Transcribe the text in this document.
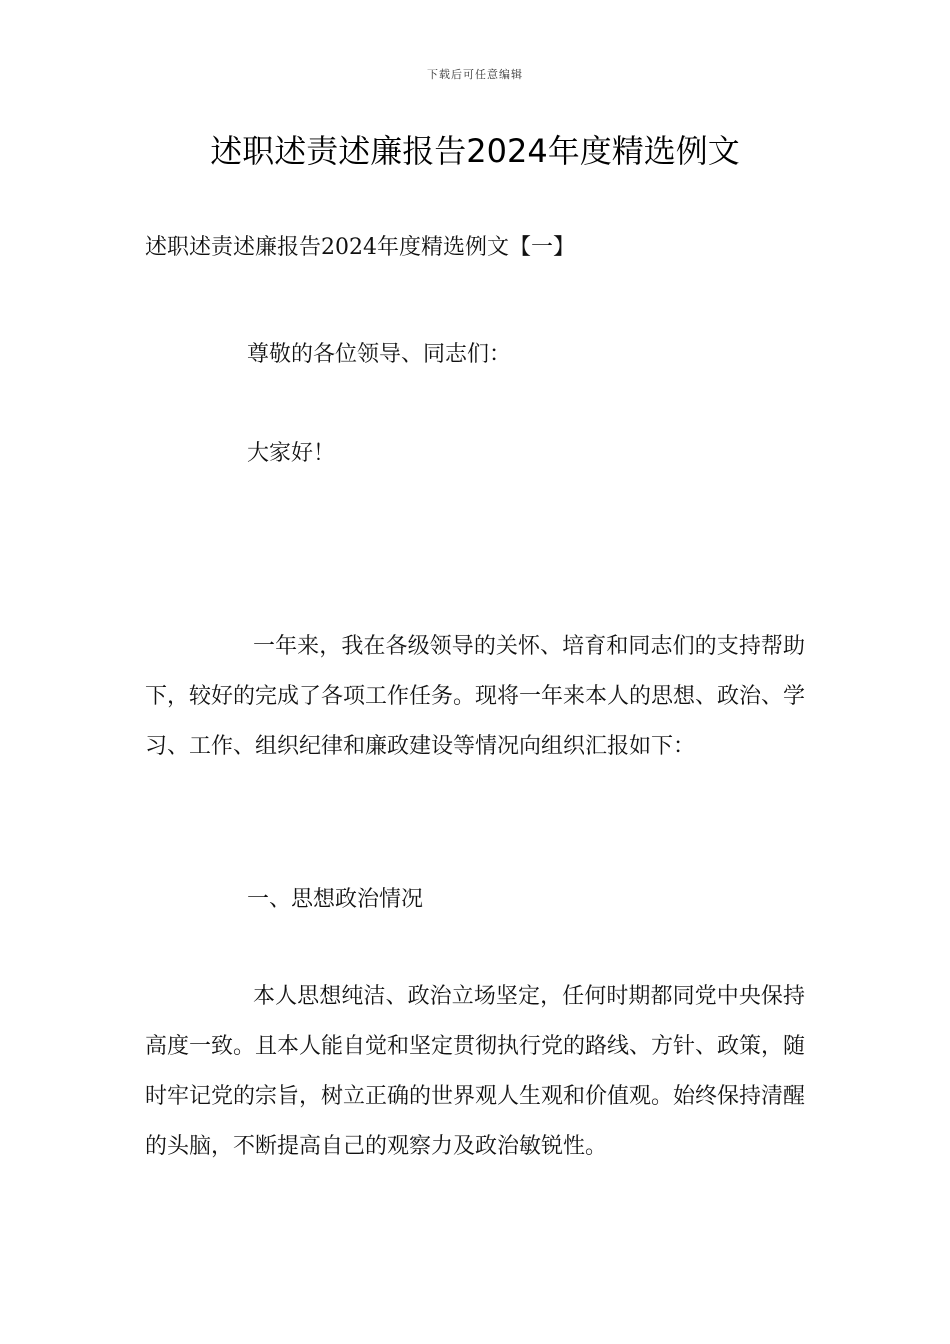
下载后可任意编辑
述职述责述廉报告2024年度精选例文

述职述责述廉报告2024年度精选例文【一】

尊敬的各位领导、同志们：

大家好！

一年来，我在各级领导的关怀、培育和同志们的支持帮助下，较好的完成了各项工作任务。现将一年来本人的思想、政治、学习、工作、组织纪律和廉政建设等情况向组织汇报如下：

一、思想政治情况

本人思想纯洁、政治立场坚定，任何时期都同党中央保持高度一致。且本人能自觉和坚定贯彻执行党的路线、方针、政策，随时牢记党的宗旨，树立正确的世界观人生观和价值观。始终保持清醒的头脑，不断提高自己的观察力及政治敏锐性。
